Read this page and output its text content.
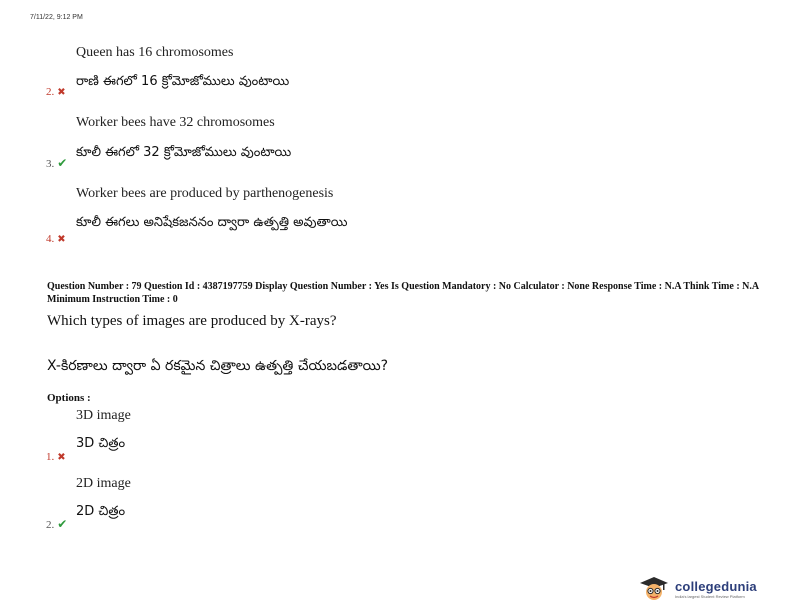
7/11/22, 9:12 PM
Queen has 16 chromosomes
2. ✖
రాణి ఈగలో 16 క్రోమోజోములు వుంటాయి
Worker bees have 32 chromosomes
3. ✔
కూలీ ఈగలో 32 క్రోమోజోములు వుంటాయి
Worker bees are produced by parthenogenesis
4. ✖
కూలీ ఈగలు అనిషేకజననం ద్వారా ఉత్పత్తి అవుతాయి
Question Number : 79 Question Id : 4387197759 Display Question Number : Yes Is Question Mandatory : No Calculator : None Response Time : N.A Think Time : N.A Minimum Instruction Time : 0
Which types of images are produced by X-rays?
X-కిరణాలు ద్వారా ఏ రకమైన చిత్రాలు ఉత్పత్తి చేయబడతాయి?
Options :
3D image
1. ✖
3D చిత్రం
2D image
2. ✔
2D చిత్రం
collegedunia
India's largest Student Review Platform
